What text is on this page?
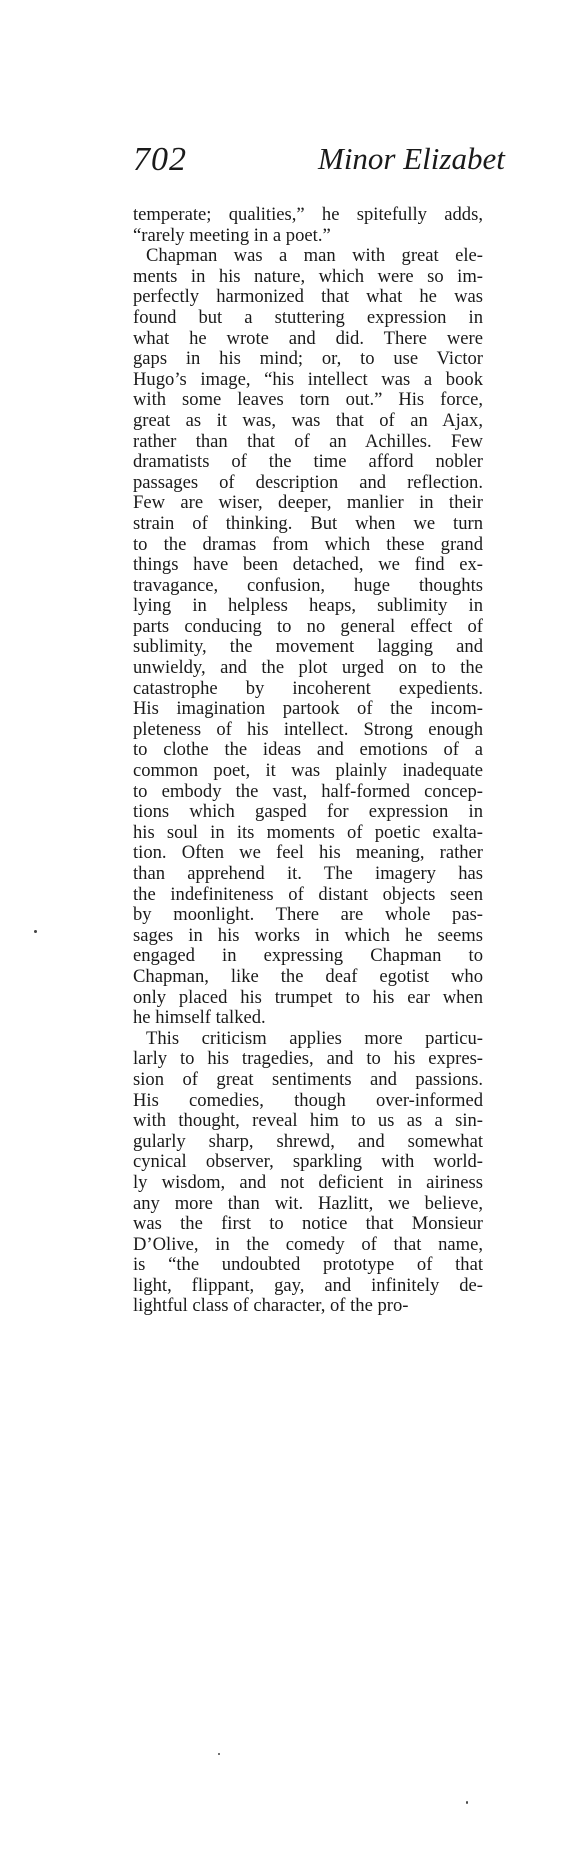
702	Minor Elizabet
temperate; qualities,” he spitefully adds,
“rarely meeting in a poet.”
Chapman was a man with great ele-
ments in his nature, which were so im-
perfectly harmonized that what he was
found but a stuttering expression in
what he wrote and did. There were
gaps in his mind; or, to use Victor
Hugo’s image, “his intellect was a book
with some leaves torn out.” His force,
great as it was, was that of an Ajax,
rather than that of an Achilles. Few
dramatists of the time afford nobler
passages of description and reflection.
Few are wiser, deeper, manlier in their
strain of thinking. But when we turn
to the dramas from which these grand
things have been detached, we find ex-
travagance, confusion, huge thoughts
lying in helpless heaps, sublimity in
parts conducing to no general effect of
sublimity, the movement lagging and
unwieldy, and the plot urged on to the
catastrophe by incoherent expedients.
His imagination partook of the incom-
pleteness of his intellect. Strong enough
to clothe the ideas and emotions of a
common poet, it was plainly inadequate
to embody the vast, half-formed concep-
tions which gasped for expression in
his soul in its moments of poetic exalta-
tion. Often we feel his meaning, rather
than apprehend it. The imagery has
the indefiniteness of distant objects seen
by moonlight. There are whole pas-
sages in his works in which he seems
engaged in expressing Chapman to
Chapman, like the deaf egotist who
only placed his trumpet to his ear when
he himself talked.
This criticism applies more particu-
larly to his tragedies, and to his expres-
sion of great sentiments and passions.
His comedies, though over-informed
with thought, reveal him to us as a sin-
gularly sharp, shrewd, and somewhat
cynical observer, sparkling with world-
ly wisdom, and not deficient in airiness
any more than wit. Hazlitt, we believe,
was the first to notice that Monsieur
D’Olive, in the comedy of that name,
is “the undoubted prototype of that
light, flippant, gay, and infinitely de-
lightful class of character, of the pro-
